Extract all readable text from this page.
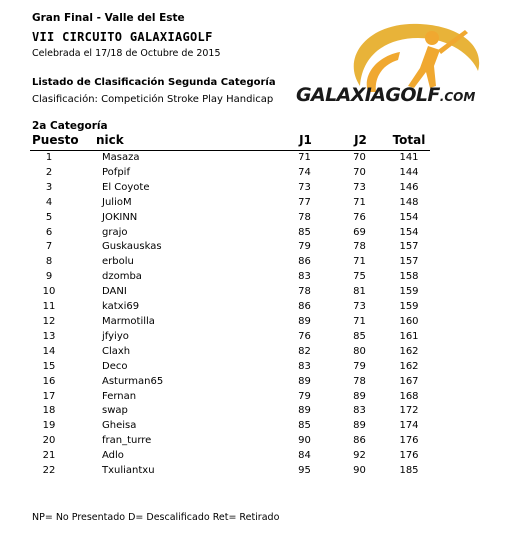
Gran Final - Valle del Este
VII CIRCUITO GALAXIAGOLF
Celebrada el 17/18 de Octubre de 2015
Listado de Clasificación Segunda Categoría
Clasificación: Competición Stroke Play Handicap
2a Categoría
GALAXIAGOLF.COM
Puesto	nick	J1	J2	Total
1	Masaza	71	70	141
2	Pofpif	74	70	144
3	El Coyote	73	73	146
4	JulioM	77	71	148
5	JOKINN	78	76	154
6	grajo	85	69	154
7	Guskauskas	79	78	157
8	erbolu	86	71	157
9	dzomba	83	75	158
10	DANI	78	81	159
11	katxi69	86	73	159
12	Marmotilla	89	71	160
13	jfyiyo	76	85	161
14	Claxh	82	80	162
15	Deco	83	79	162
16	Asturman65	89	78	167
17	Fernan	79	89	168
18	swap	89	83	172
19	Gheisa	85	89	174
20	fran_turre	90	86	176
21	Adlo	84	92	176
22	Txuliantxu	95	90	185
NP= No Presentado D= Descalificado Ret= Retirado
